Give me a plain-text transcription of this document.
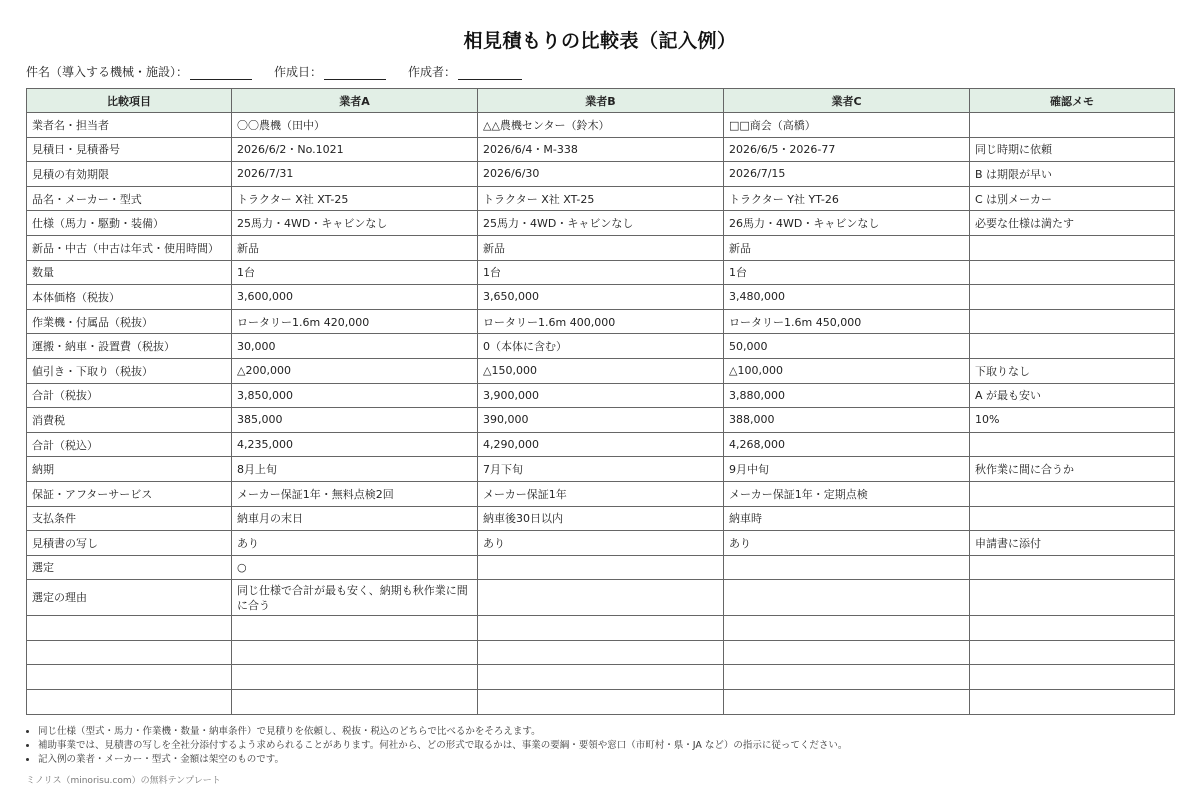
相見積もりの比較表（記入例）
件名（導入する機械・施設）：	作成日：	作成者：
比較項目	業者A	業者B	業者C	確認メモ
業者名・担当者	〇〇農機（田中）	△△農機センター（鈴木）	□□商会（高橋）	
見積日・見積番号	2026/6/2・No.1021	2026/6/4・M-338	2026/6/5・2026-77	同じ時期に依頼
見積の有効期限	2026/7/31	2026/6/30	2026/7/15	B は期限が早い
品名・メーカー・型式	トラクター X社 XT-25	トラクター X社 XT-25	トラクター Y社 YT-26	C は別メーカー
仕様（馬力・駆動・装備）	25馬力・4WD・キャビンなし	25馬力・4WD・キャビンなし	26馬力・4WD・キャビンなし	必要な仕様は満たす
新品・中古（中古は年式・使用時間）	新品	新品	新品	
数量	1台	1台	1台	
本体価格（税抜）	3,600,000	3,650,000	3,480,000	
作業機・付属品（税抜）	ロータリー1.6m 420,000	ロータリー1.6m 400,000	ロータリー1.6m 450,000	
運搬・納車・設置費（税抜）	30,000	0（本体に含む）	50,000	
値引き・下取り（税抜）	△200,000	△150,000	△100,000	下取りなし
合計（税抜）	3,850,000	3,900,000	3,880,000	A が最も安い
消費税	385,000	390,000	388,000	10%
合計（税込）	4,235,000	4,290,000	4,268,000	
納期	8月上旬	7月下旬	9月中旬	秋作業に間に合うか
保証・アフターサービス	メーカー保証1年・無料点検2回	メーカー保証1年	メーカー保証1年・定期点検	
支払条件	納車月の末日	納車後30日以内	納車時	
見積書の写し	あり	あり	あり	申請書に添付
選定	○			
選定の理由	同じ仕様で合計が最も安く、納期も秋作業に間に合う			

• 同じ仕様（型式・馬力・作業機・数量・納車条件）で見積りを依頼し、税抜・税込のどちらで比べるかをそろえます。
• 補助事業では、見積書の写しを全社分添付するよう求められることがあります。何社から、どの形式で取るかは、事業の要綱・要領や窓口（市町村・県・JA など）の指示に従ってください。
• 記入例の業者・メーカー・型式・金額は架空のものです。
ミノリス（minorisu.com）の無料テンプレート
